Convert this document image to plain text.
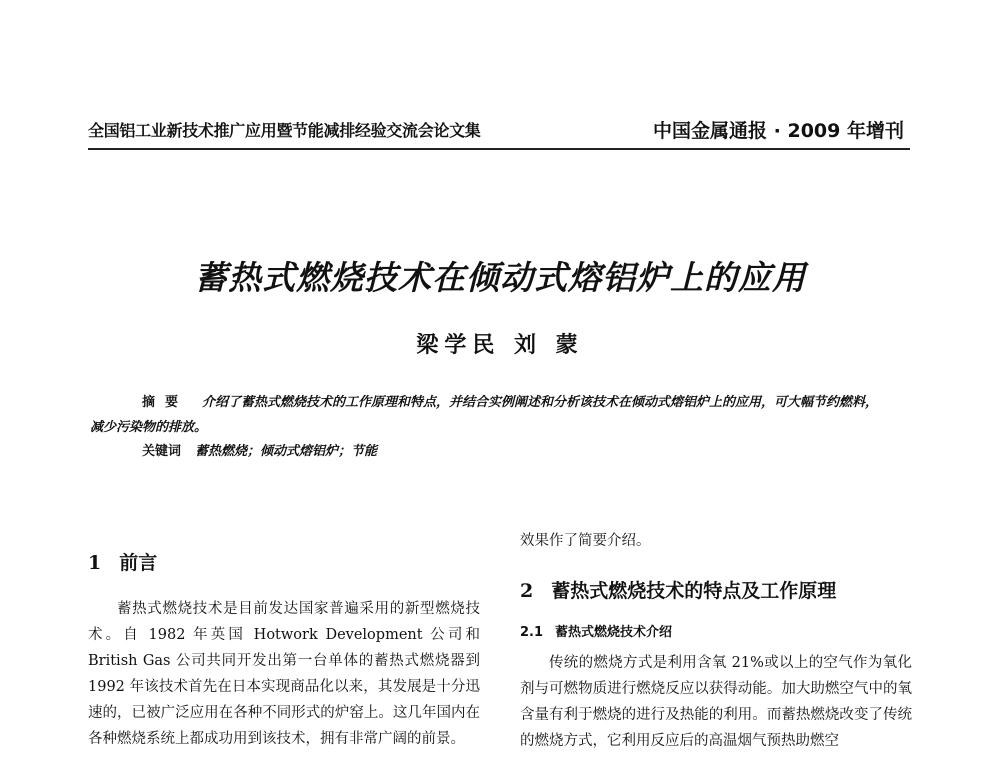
全国铝工业新技术推广应用暨节能减排经验交流会论文集	中国金属通报 · 2009 年增刊
蓄热式燃烧技术在倾动式熔铝炉上的应用
梁学民 刘 蒙
摘要 介绍了蓄热式燃烧技术的工作原理和特点，并结合实例阐述和分析该技术在倾动式熔铝炉上的应用，可大幅节约燃料，减少污染物的排放。
关键词 蓄热燃烧；倾动式熔铝炉；节能

1 前言

蓄热式燃烧技术是目前发达国家普遍采用的新型燃烧技术。自 1982 年英国 Hotwork Development 公司和 British Gas 公司共同开发出第一台单体的蓄热式燃烧器到 1992 年该技术首先在日本实现商品化以来，其发展是十分迅速的，已被广泛应用在各种不同形式的炉窑上。这几年国内在各种燃烧系统上都成功用到该技术，拥有非常广阔的前景。

效果作了简要介绍。

2 蓄热式燃烧技术的特点及工作原理

2.1 蓄热式燃烧技术介绍

传统的燃烧方式是利用含氧 21%或以上的空气作为氧化剂与可燃物质进行燃烧反应以获得动能。加大助燃空气中的氧含量有利于燃烧的进行及热能的利用。而蓄热燃烧改变了传统的燃烧方式，它利用反应后的高温烟气预热助燃空
